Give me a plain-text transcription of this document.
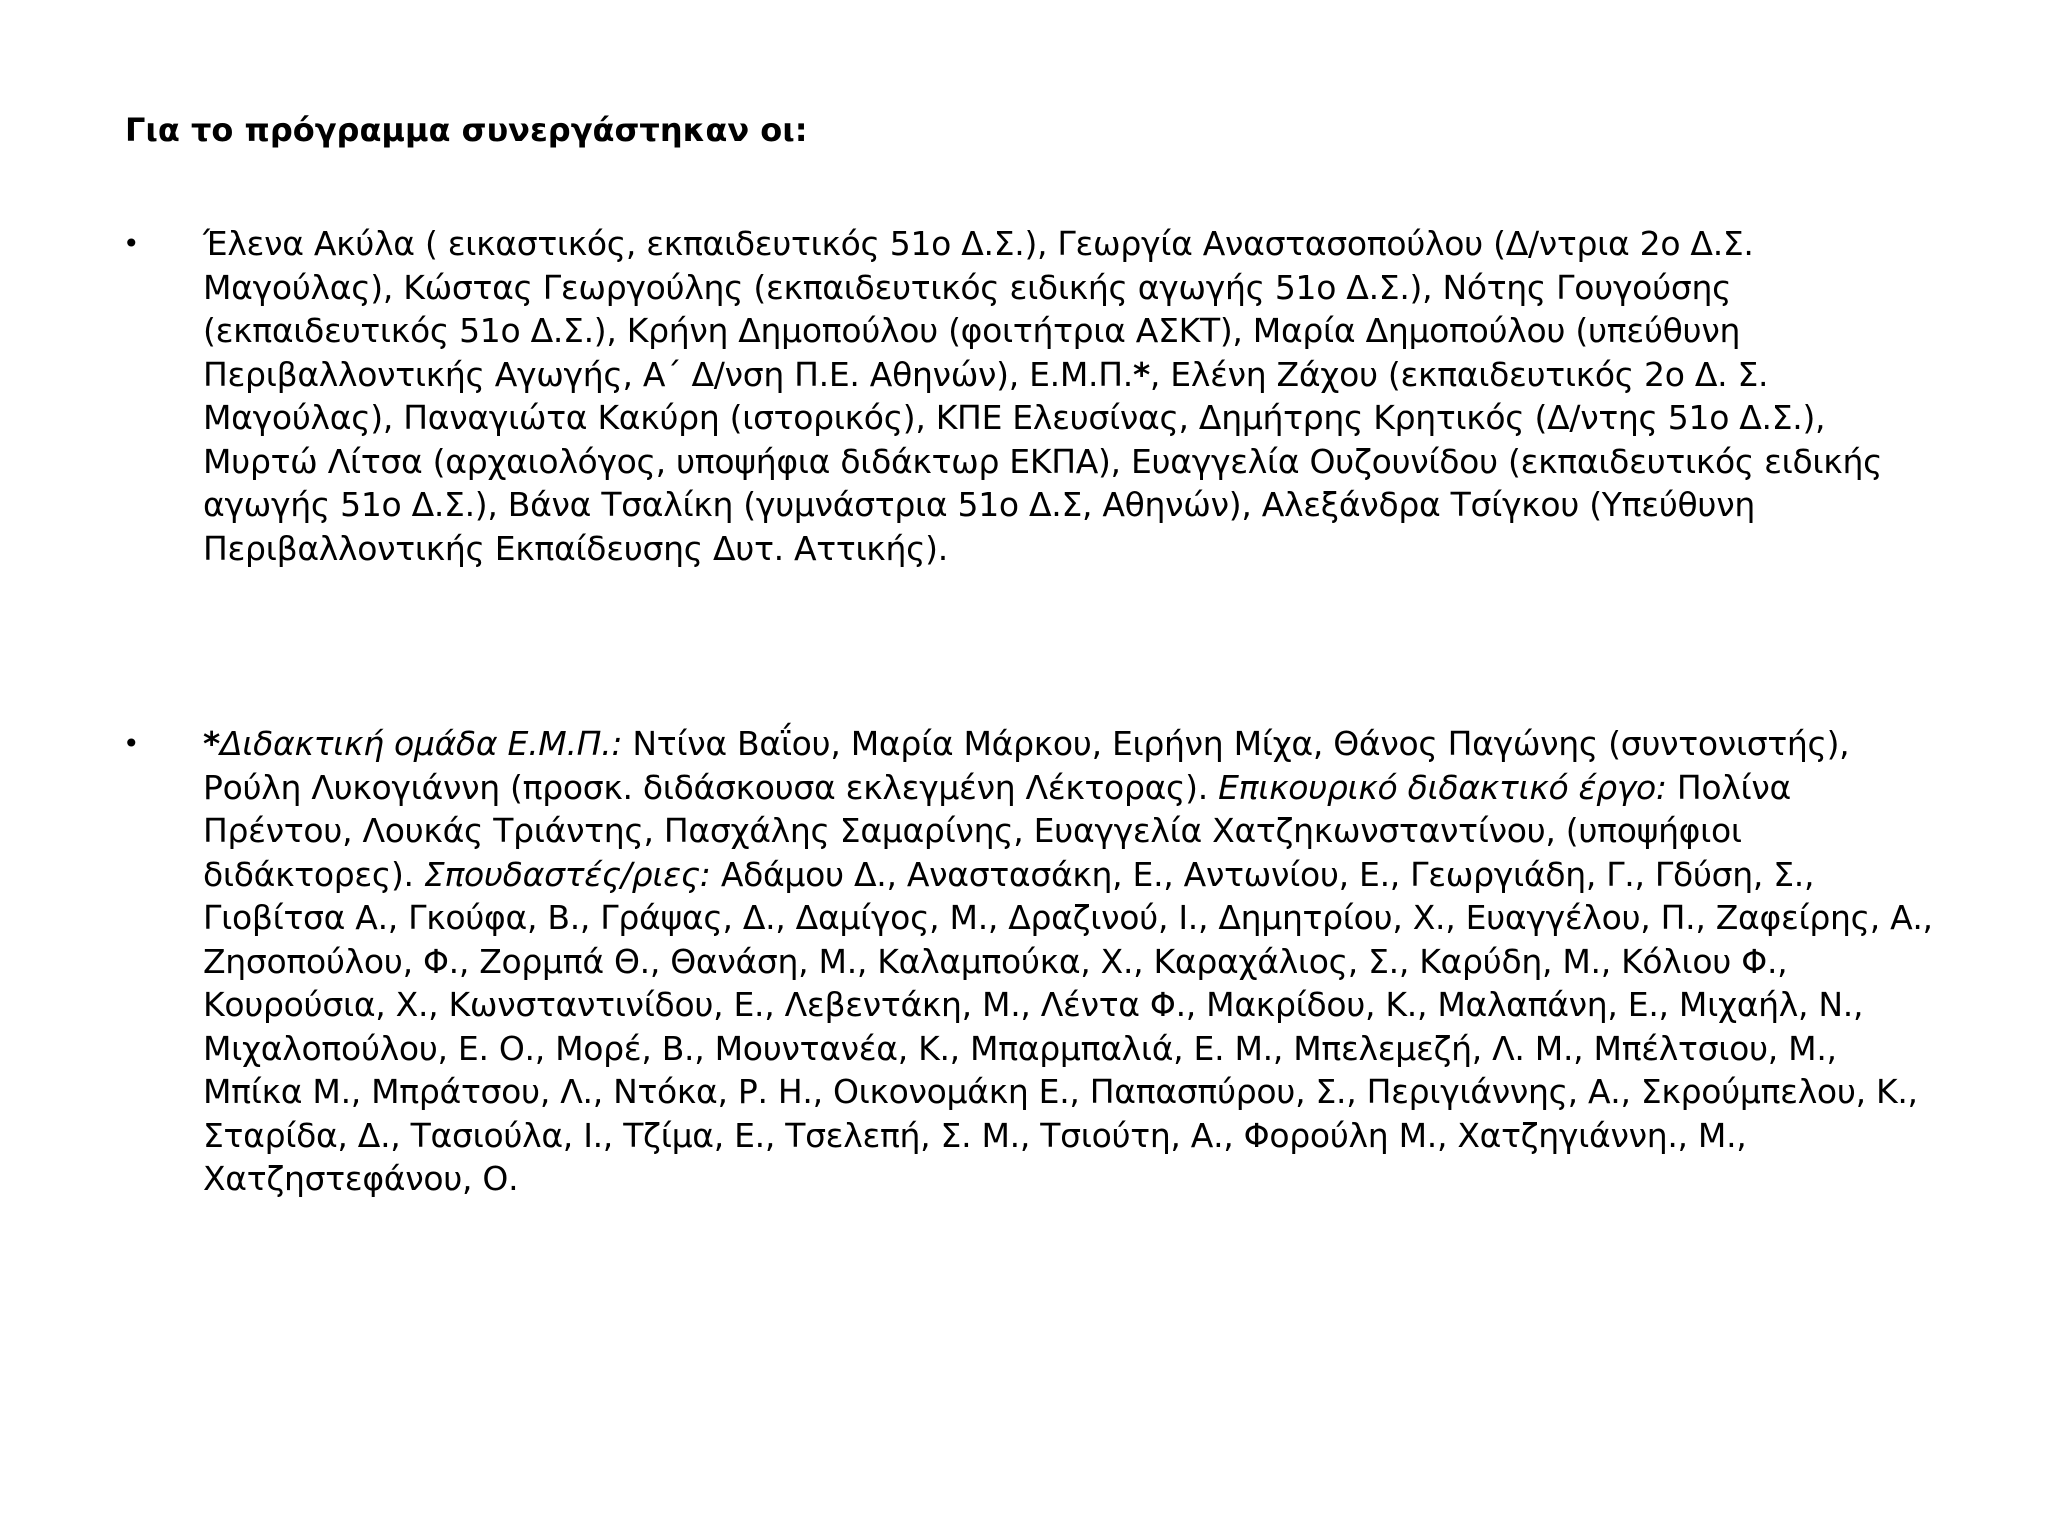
Για το πρόγραμμα συνεργάστηκαν οι:
• Έλενα Ακύλα ( εικαστικός, εκπαιδευτικός 51ο Δ.Σ.), Γεωργία Αναστασοπούλου (Δ/ντρια 2ο Δ.Σ. Μαγούλας), Κώστας Γεωργούλης (εκπαιδευτικός ειδικής αγωγής 51ο Δ.Σ.), Νότης Γουγούσης (εκπαιδευτικός 51ο Δ.Σ.), Κρήνη Δημοπούλου (φοιτήτρια ΑΣΚΤ), Μαρία Δημοπούλου (υπεύθυνη Περιβαλλοντικής Αγωγής, Α΄ Δ/νση Π.Ε. Αθηνών), Ε.Μ.Π.*, Ελένη Ζάχου (εκπαιδευτικός 2ο Δ. Σ. Μαγούλας), Παναγιώτα Κακύρη (ιστορικός), ΚΠΕ Ελευσίνας, Δημήτρης Κρητικός (Δ/ντης 51ο Δ.Σ.), Μυρτώ Λίτσα (αρχαιολόγος, υποψήφια διδάκτωρ ΕΚΠΑ), Ευαγγελία Ουζουνίδου (εκπαιδευτικός ειδικής αγωγής 51ο Δ.Σ.), Βάνα Τσαλίκη (γυμνάστρια 51ο Δ.Σ, Αθηνών), Αλεξάνδρα Τσίγκου (Υπεύθυνη Περιβαλλοντικής Εκπαίδευσης Δυτ. Αττικής).
• *Διδακτική ομάδα Ε.Μ.Π.: Ντίνα Βαΐου, Μαρία Μάρκου, Ειρήνη Μίχα, Θάνος Παγώνης (συντονιστής), Ρούλη Λυκογιάννη (προσκ. διδάσκουσα εκλεγμένη Λέκτορας). Επικουρικό διδακτικό έργο: Πολίνα Πρέντου, Λουκάς Τριάντης, Πασχάλης Σαμαρίνης, Ευαγγελία Χατζηκωνσταντίνου, (υποψήφιοι διδάκτορες). Σπουδαστές/ριες: Αδάμου Δ., Αναστασάκη, Ε., Αντωνίου, Ε., Γεωργιάδη, Γ., Γδύση, Σ., Γιοβίτσα Α., Γκούφα, Β., Γράψας, Δ., Δαμίγος, Μ., Δραζινού, Ι., Δημητρίου, Χ., Ευαγγέλου, Π., Ζαφείρης, Α., Ζησοπούλου, Φ., Ζορμπά Θ., Θανάση, Μ., Καλαμπούκα, Χ., Καραχάλιος, Σ., Καρύδη, Μ., Κόλιου Φ., Κουρούσια, Χ., Κωνσταντινίδου, Ε., Λεβεντάκη, Μ., Λέντα Φ., Μακρίδου, Κ., Μαλαπάνη, Ε., Μιχαήλ, Ν., Μιχαλοπούλου, Ε. Ο., Μορέ, Β., Μουντανέα, Κ., Μπαρμπαλιά, Ε. Μ., Μπελεμεζή, Λ. Μ., Μπέλτσιου, Μ., Μπίκα Μ., Μπράτσου, Λ., Ντόκα, Ρ. Η., Οικονομάκη Ε., Παπασπύρου, Σ., Περιγιάννης, Α., Σκρούμπελου, Κ., Σταρίδα, Δ., Τασιούλα, Ι., Τζίμα, Ε., Τσελεπή, Σ. Μ., Τσιούτη, Α., Φορούλη Μ., Χατζηγιάννη., Μ., Χατζηστεφάνου, Ο.
